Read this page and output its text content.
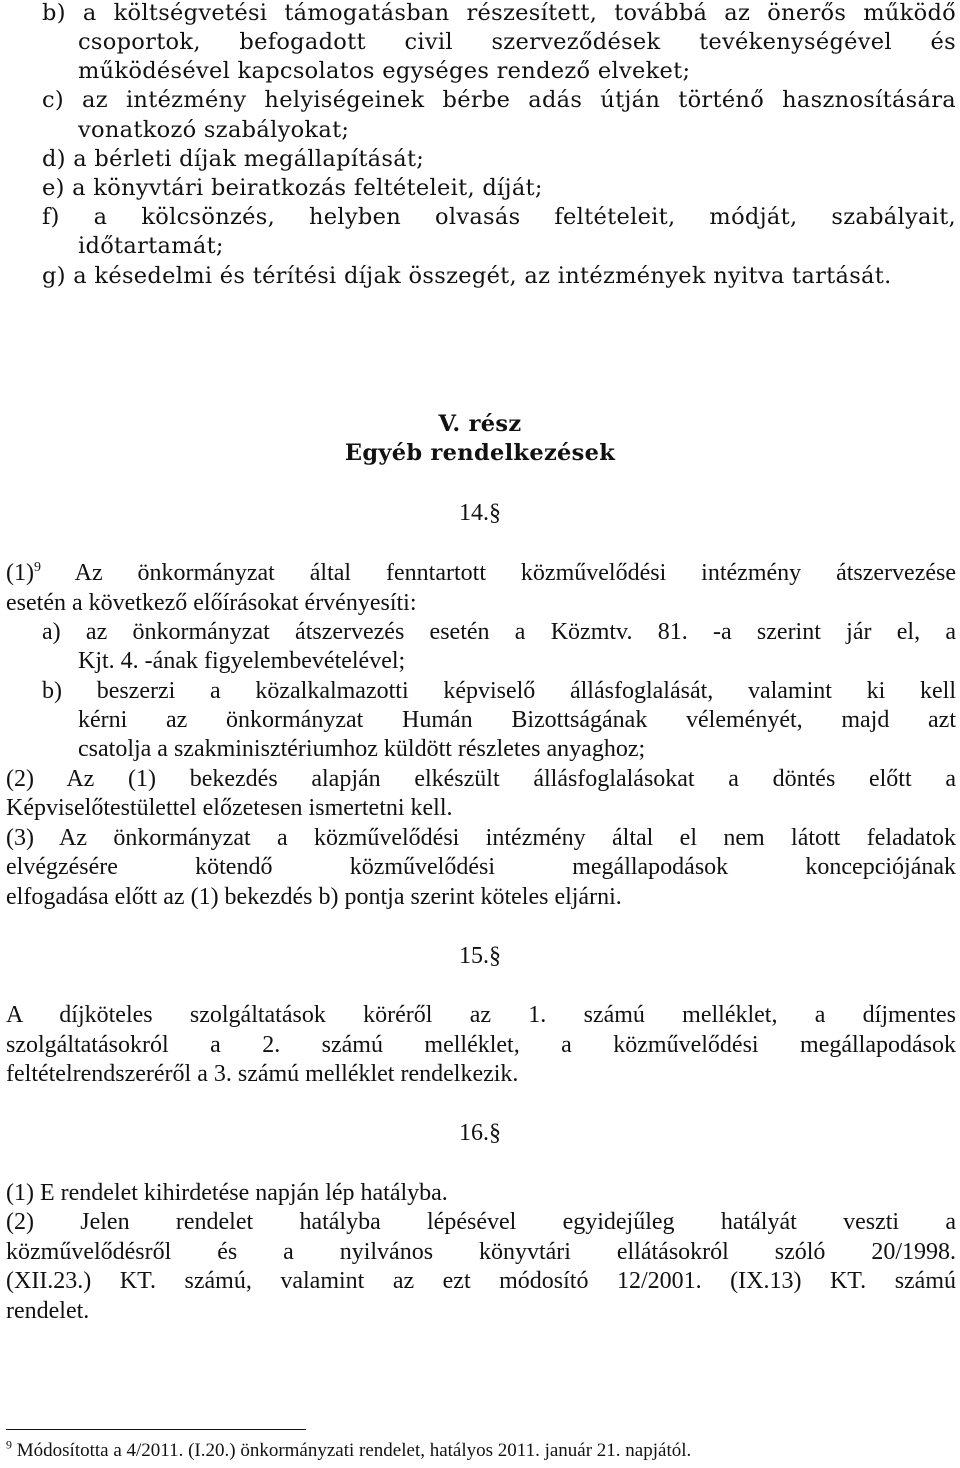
b) a költségvetési támogatásban részesített, továbbá az önerős működő
csoportok, befogadott civil szerveződések tevékenységével és
működésével kapcsolatos egységes rendező elveket;
c) az intézmény helyiségeinek bérbe adás útján történő hasznosítására
vonatkozó szabályokat;
d) a bérleti díjak megállapítását;
e) a könyvtári beiratkozás feltételeit, díját;
f) a kölcsönzés, helyben olvasás feltételeit, módját, szabályait,
időtartamát;
g) a késedelmi és térítési díjak összegét, az intézmények nyitva tartását.
V. rész
Egyéb rendelkezések
14.§
$(1)^9$ Az önkormányzat által fenntartott közművelődési intézmény átszervezése
esetén a következő előírásokat érvényesíti:
a) az önkormányzat átszervezés esetén a Közmtv. 81. -a szerint jár el, a
Kjt. 4. -ának figyelembevételével;
b) beszerzi a közalkalmazotti képviselő állásfoglalását, valamint ki kell
kérni az önkormányzat Humán Bizottságának véleményét, majd azt
csatolja a szakminisztériumhoz küldött részletes anyaghoz;
(2) Az (1) bekezdés alapján elkészült állásfoglalásokat a döntés előtt a
Képviselőtestülettel előzetesen ismertetni kell.
(3) Az önkormányzat a közművelődési intézmény által el nem látott feladatok
elvégzésére kötendő közművelődési megállapodások koncepciójának
elfogadása előtt az (1) bekezdés b) pontja szerint köteles eljárni.
15.§
A díjköteles szolgáltatások köréről az 1. számú melléklet, a díjmentes
szolgáltatásokról a 2. számú melléklet, a közművelődési megállapodások
feltételrendszeréről a 3. számú melléklet rendelkezik.
16.§
(1) E rendelet kihirdetése napján lép hatályba.
(2) Jelen rendelet hatályba lépésével egyidejűleg hatályát veszti a
közművelődésről és a nyilvános könyvtári ellátásokról szóló 20/1998.
(XII.23.) KT. számú, valamint az ezt módosító 12/2001. (IX.13) KT. számú
rendelet.
$^9$ Módosította a 4/2011. (I.20.) önkormányzati rendelet, hatályos 2011. január 21. napjától.
